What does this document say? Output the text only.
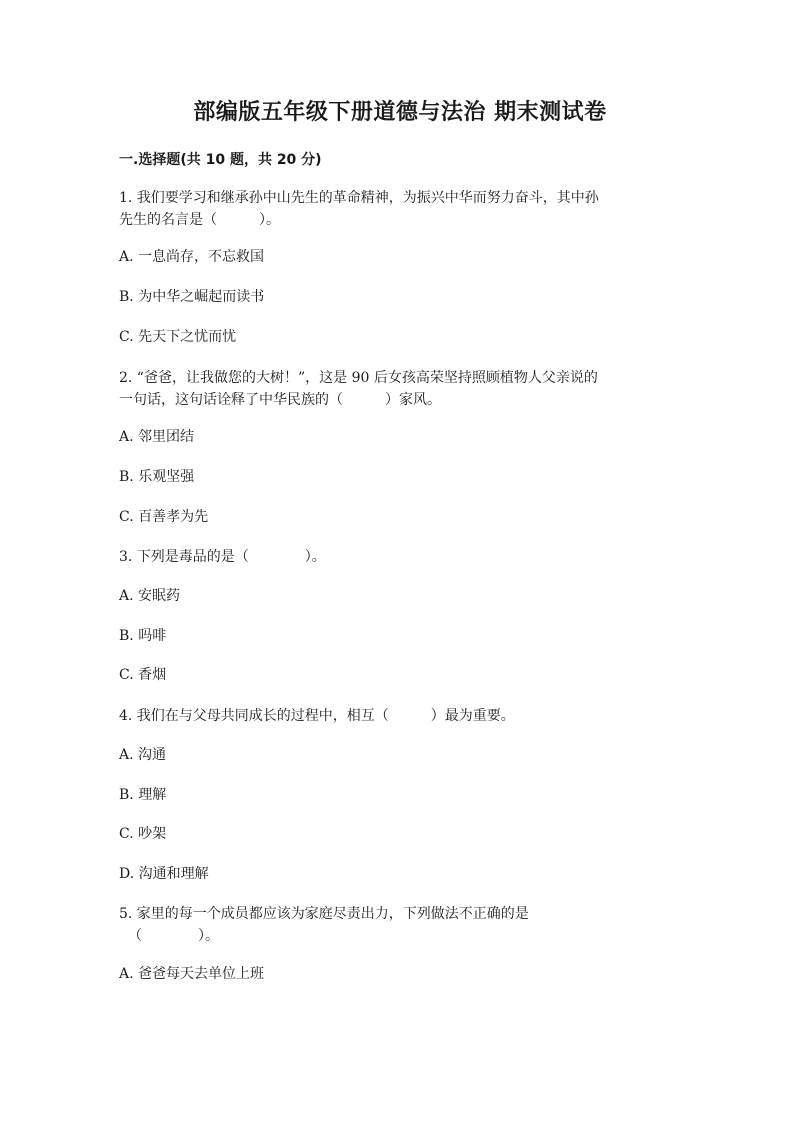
部编版五年级下册道德与法治 期末测试卷
一.选择题(共 10 题，共 20 分)
1. 我们要学习和继承孙中山先生的革命精神，为振兴中华而努力奋斗，其中孙
先生的名言是（　　　）。
A. 一息尚存，不忘救国
B. 为中华之崛起而读书
C. 先天下之忧而忧
2. “爸爸，让我做您的大树！”，这是 90 后女孩高荣坚持照顾植物人父亲说的
一句话，这句话诠释了中华民族的（　　　）家风。
A. 邻里团结
B. 乐观坚强
C. 百善孝为先
3. 下列是毒品的是（　　　　）。
A. 安眠药
B. 吗啡
C. 香烟
4. 我们在与父母共同成长的过程中，相互（　　　）最为重要。
A. 沟通
B. 理解
C. 吵架
D. 沟通和理解
5. 家里的每一个成员都应该为家庭尽责出力，下列做法不正确的是
（　　　　）。
A. 爸爸每天去单位上班
